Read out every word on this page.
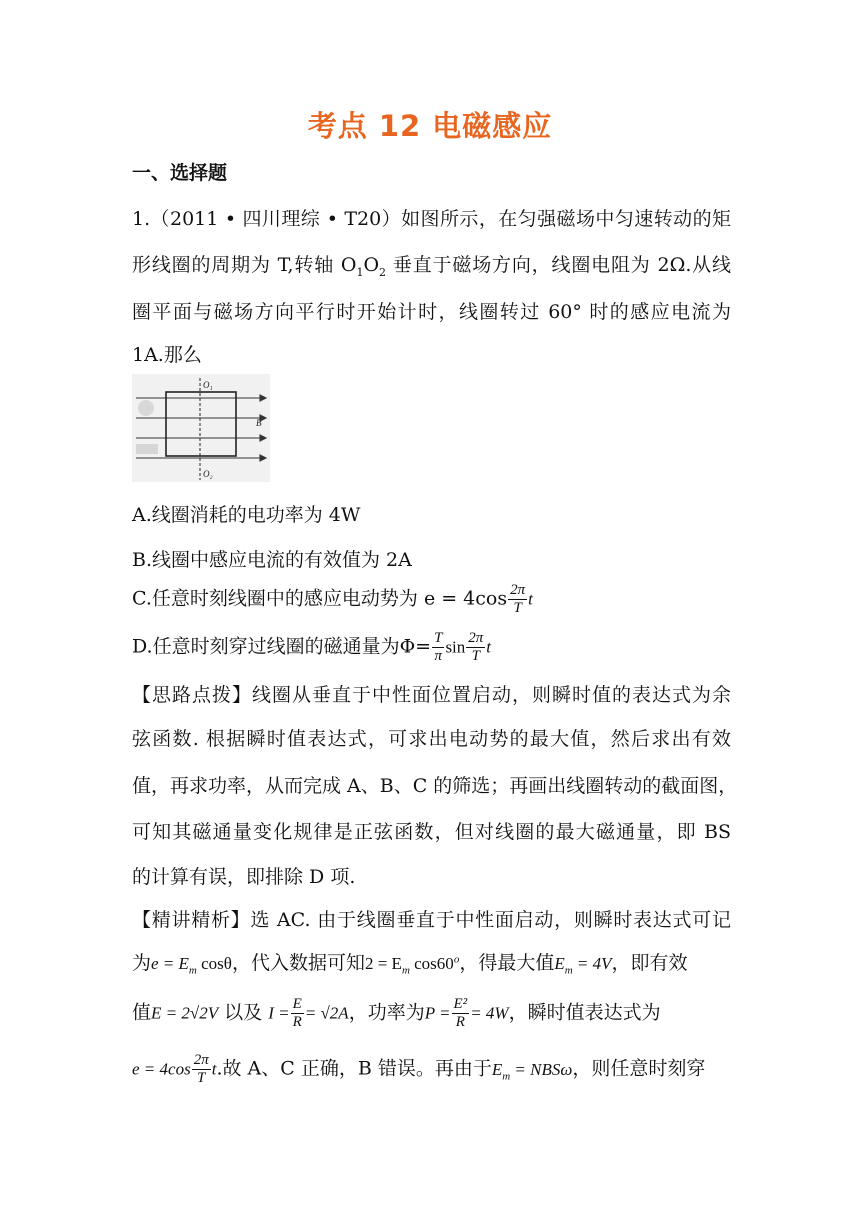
考点 12 电磁感应
一、选择题
1.（2011 • 四川理综 • T20）如图所示，在匀强磁场中匀速转动的矩
形线圈的周期为 T,转轴 $O_1O_2$ 垂直于磁场方向，线圈电阻为 2Ω.从线
圈平面与磁场方向平行时开始计时，线圈转过 60° 时的感应电流为
1A.那么
O₁
O₂
B
A.线圈消耗的电功率为 4W
B.线圈中感应电流的有效值为 2A
C.任意时刻线圈中的感应电动势为 $e = 4\cos \frac{2\pi}{T}$ t
D.任意时刻穿过线圈的磁通量为$\Phi= \frac{T}{\pi}$ $\sin \frac{2\pi}{T}$ t
【思路点拨】线圈从垂直于中性面位置启动，则瞬时值的表达式为余
弦函数. 根据瞬时值表达式，可求出电动势的最大值，然后求出有效
值，再求功率，从而完成 A、B、C 的筛选；再画出线圈转动的截面图，
可知其磁通量变化规律是正弦函数，但对线圈的最大磁通量，即 BS
的计算有误，即排除 D 项.
【精讲精析】选 AC. 由于线圈垂直于中性面启动，则瞬时表达式可记
为$e = E_m$ cosθ，代入数据可知$2 = E_m$ cos60$^o$，得最大值$E_m = 4V$，即有效
值E = 2√2V 以及 $I = \frac{E}{R} = √2A$，功率为$P = \frac{\text{E²}}{R} = 4W$，瞬时值表达式为
$e = 4\cos \frac{2\pi}{T} t$.故 A、C 正确，B 错误。再由于$E_m = NBS\omega$，则任意时刻穿
